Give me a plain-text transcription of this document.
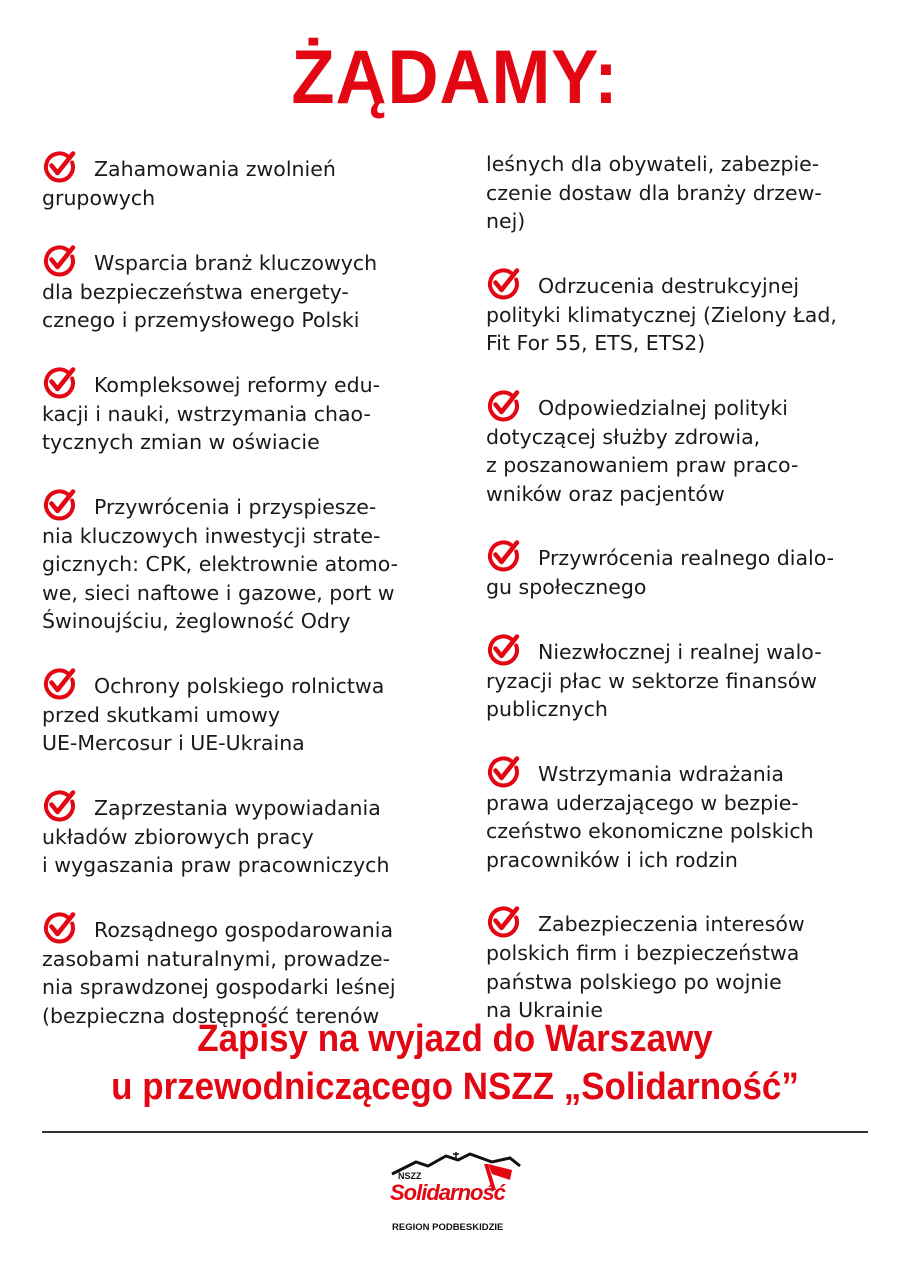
ŻĄDAMY:

Zahamowania zwolnień

grupowych

Wsparcia branż kluczowych

dla bezpieczeństwa energety-

cznego i przemysłowego Polski

Kompleksowej reformy edu-

kacji i nauki, wstrzymania chao-

tycznych zmian w oświacie

Przywrócenia i przyspiesze-

nia kluczowych inwestycji strate-

gicznych: CPK, elektrownie atomo-

we, sieci naftowe i gazowe, port w

Świnoujściu, żeglowność Odry

Ochrony polskiego rolnictwa

przed skutkami umowy

UE-Mercosur i UE-Ukraina

Zaprzestania wypowiadania

układów zbiorowych pracy

i wygaszania praw pracowniczych

Rozsądnego gospodarowania

zasobami naturalnymi, prowadze-

nia sprawdzonej gospodarki leśnej

(bezpieczna dostępność terenów

leśnych dla obywateli, zabezpie-

czenie dostaw dla branży drzew-

nej)

Odrzucenia destrukcyjnej

polityki klimatycznej (Zielony Ład,

Fit For 55, ETS, ETS2)

Odpowiedzialnej polityki

dotyczącej służby zdrowia,

z poszanowaniem praw praco-

wników oraz pacjentów

Przywrócenia realnego dialo-

gu społecznego

Niezwłocznej i realnej walo-

ryzacji płac w sektorze finansów

publicznych

Wstrzymania wdrażania

prawa uderzającego w bezpie-

czeństwo ekonomiczne polskich

pracowników i ich rodzin

Zabezpieczenia interesów

polskich firm i bezpieczeństwa

państwa polskiego po wojnie

na Ukrainie

Zapisy na wyjazd do Warszawy
u przewodniczącego NSZZ „Solidarność”
NSZZ
Solidarność
REGION PODBESKIDZIE
